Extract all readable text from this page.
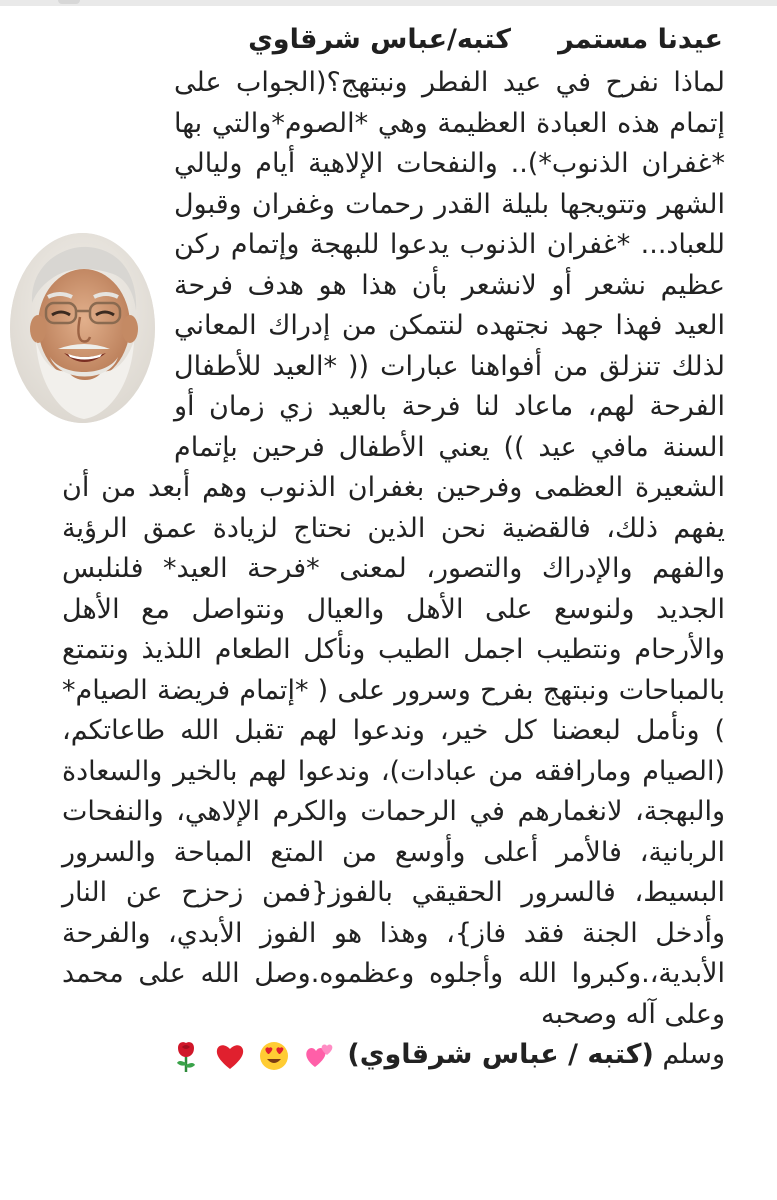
عيدنا مستمر
كتبه/عباس شرقاوي

لماذا نفرح في عيد الفطر ونبتهج؟(الجواب على إتمام هذه العبادة العظيمة وهي *الصوم*والتي بها *غفران الذنوب*).. والنفحات الإلاهية أيام وليالي الشهر وتتويجها بليلة القدر رحمات وغفران وقبول للعباد... *غفران الذنوب يدعوا للبهجة وإتمام ركن عظيم نشعر أو لانشعر بأن هذا هو هدف فرحة العيد فهذا جهد نجتهده لنتمكن من إدراك المعاني لذلك تنزلق من أفواهنا عبارات (( *العيد للأطفال الفرحة لهم، ماعاد لنا فرحة بالعيد زي زمان أو السنة مافي عيد )) يعني الأطفال فرحين بإتمام الشعيرة العظمى وفرحين بغفران الذنوب وهم أبعد من أن يفهم ذلك، فالقضية نحن الذين نحتاج لزيادة عمق الرؤية والفهم والإدراك والتصور، لمعنى *فرحة العيد* فلنلبس الجديد ولنوسع على الأهل والعيال ونتواصل مع الأهل والأرحام ونتطيب اجمل الطيب ونأكل الطعام اللذيذ ونتمتع بالمباحات ونبتهج بفرح وسرور على ( *إتمام فريضة الصيام* ) ونأمل لبعضنا كل خير، وندعوا لهم تقبل الله طاعاتكم، (الصيام ومارافقه من عبادات)، وندعوا لهم بالخير والسعادة والبهجة، لانغمارهم في الرحمات والكرم الإلاهي، والنفحات الربانية، فالأمر أعلى وأوسع من المتع المباحة والسرور البسيط، فالسرور الحقيقي بالفوز{فمن زحزح عن النار وأدخل الجنة فقد فاز}، وهذا هو الفوز الأبدي، والفرحة الأبدية،.وكبروا الله وأجلوه وعظموه.وصل الله على محمد وعلى آله وصحبه

وسلم (كتبه / عباس شرقاوي)
